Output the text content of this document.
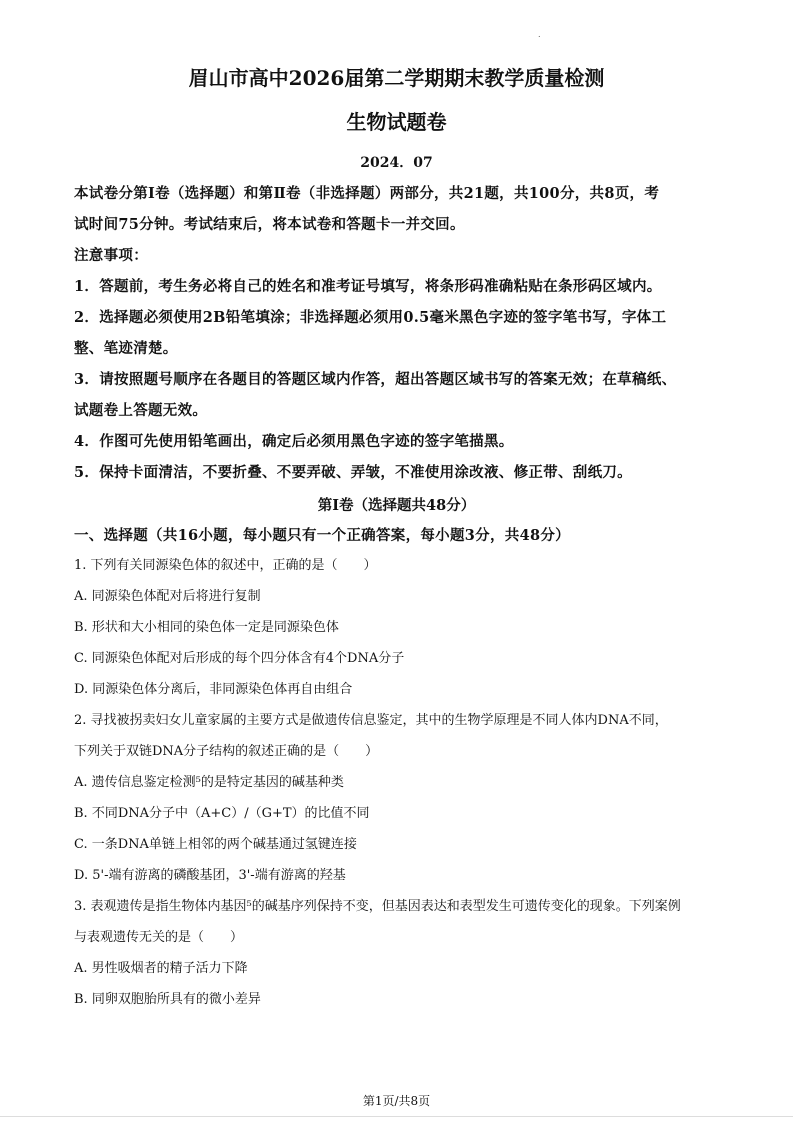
.
眉山市高中2026届第二学期期末教学质量检测
生物试题卷
2024．07
本试卷分第Ⅰ卷（选择题）和第Ⅱ卷（非选择题）两部分，共21题，共100分，共8页，考
试时间75分钟。考试结束后，将本试卷和答题卡一并交回。
注意事项：
1．答题前，考生务必将自己的姓名和准考证号填写，将条形码准确粘贴在条形码区域内。
2．选择题必须使用2B铅笔填涂；非选择题必须用0.5毫米黑色字迹的签字笔书写，字体工
整、笔迹清楚。
3．请按照题号顺序在各题目的答题区域内作答，超出答题区域书写的答案无效；在草稿纸、
试题卷上答题无效。
4．作图可先使用铅笔画出，确定后必须用黑色字迹的签字笔描黑。
5．保持卡面清洁，不要折叠、不要弄破、弄皱，不准使用涂改液、修正带、刮纸刀。
第Ⅰ卷（选择题共48分）
一、选择题（共16小题，每小题只有一个正确答案，每小题3分，共48分）
1. 下列有关同源染色体的叙述中，正确的是（　　）
A. 同源染色体配对后将进行复制
B. 形状和大小相同的染色体一定是同源染色体
C. 同源染色体配对后形成的每个四分体含有4个DNA分子
D. 同源染色体分离后，非同源染色体再自由组合
2. 寻找被拐卖妇女儿童家属的主要方式是做遗传信息鉴定，其中的生物学原理是不同人体内DNA不同，
下列关于双链DNA分子结构的叙述正确的是（　　）
A. 遗传信息鉴定检测⁵的是特定基因的碱基种类
B. 不同DNA分子中（A+C）/（G+T）的比值不同
C. 一条DNA单链上相邻的两个碱基通过氢键连接
D. 5'-端有游离的磷酸基团，3'-端有游离的羟基
3. 表观遗传是指生物体内基因⁵的碱基序列保持不变，但基因表达和表型发生可遗传变化的现象。下列案例
与表观遗传无关的是（　　）
A. 男性吸烟者的精子活力下降
B. 同卵双胞胎所具有的微小差异
第1页/共8页
